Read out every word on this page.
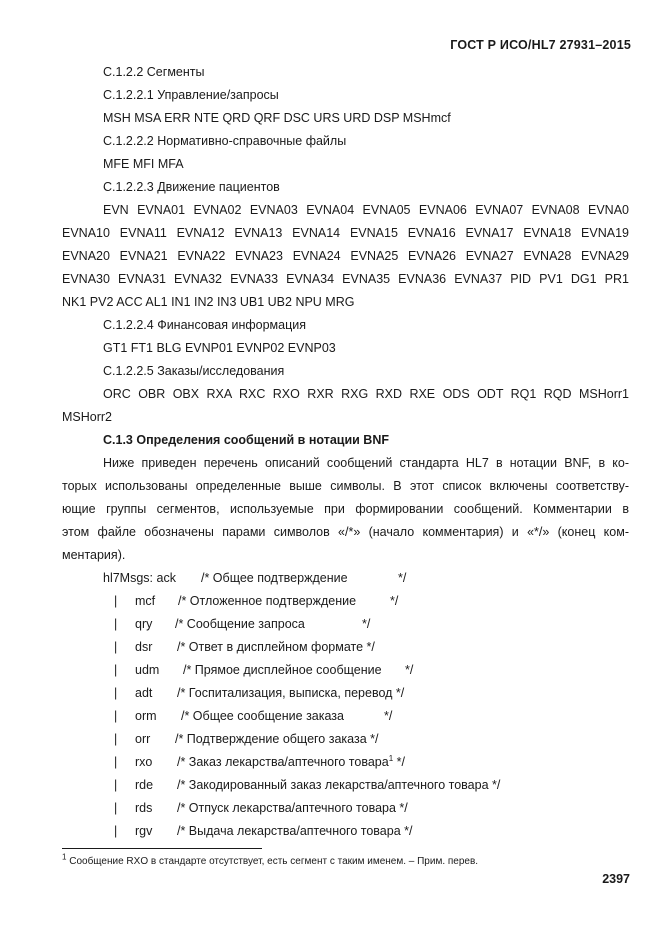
ГОСТ Р ИСО/HL7 27931–2015
С.1.2.2 Сегменты
С.1.2.2.1 Управление/запросы
MSH MSA ERR NTE QRD QRF DSC URS URD DSP MSHmcf
С.1.2.2.2 Нормативно-справочные файлы
MFE MFI MFA
С.1.2.2.3 Движение пациентов
EVN EVNA01 EVNA02 EVNA03 EVNA04 EVNA05 EVNA06 EVNA07 EVNA08 EVNA0
EVNA10 EVNA11 EVNA12 EVNA13 EVNA14 EVNA15 EVNA16 EVNA17 EVNA18 EVNA19
EVNA20 EVNA21 EVNA22 EVNA23 EVNA24 EVNA25 EVNA26 EVNA27 EVNA28 EVNA29
EVNA30 EVNA31 EVNA32 EVNA33 EVNA34 EVNA35 EVNA36 EVNA37 PID PV1 DG1 PR1
NK1 PV2 ACC AL1 IN1 IN2 IN3 UB1 UB2 NPU MRG
С.1.2.2.4 Финансовая информация
GT1 FT1 BLG EVNP01 EVNP02 EVNP03
С.1.2.2.5 Заказы/исследования
ORC OBR OBX RXA RXC RXO RXR RXG RXD RXE ODS ODT RQ1 RQD MSHorr1
MSHorr2
С.1.3 Определения сообщений в нотации BNF
Ниже приведен перечень описаний сообщений стандарта HL7 в нотации BNF, в ко-
торых использованы определенные выше символы. В этот список включены соответству-
ющие группы сегментов, используемые при формировании сообщений. Комментарии в
этом файле обозначены парами символов «/*» (начало комментария) и «*/» (конец ком-
ментария).
hl7Msgs: ack /* Общее подтверждение	*/
| mcf /* Отложенное подтверждение	*/
| qry /* Сообщение запроса	*/
| dsr /* Ответ в дисплейном формате */
| udm /* Прямое дисплейное сообщение */
| adt /* Госпитализация, выписка, перевод */
| orm /* Общее сообщение заказа	*/
| orr /* Подтверждение общего заказа */
| rxo /* Заказ лекарства/аптечного товара$^1$ */
| rde /* Закодированный заказ лекарства/аптечного товара */
| rds /* Отпуск лекарства/аптечного товара */
| rgv /* Выдача лекарства/аптечного товара */
$^1$ Сообщение RXO в стандарте отсутствует, есть сегмент с таким именем. – Прим. перев.
2397
